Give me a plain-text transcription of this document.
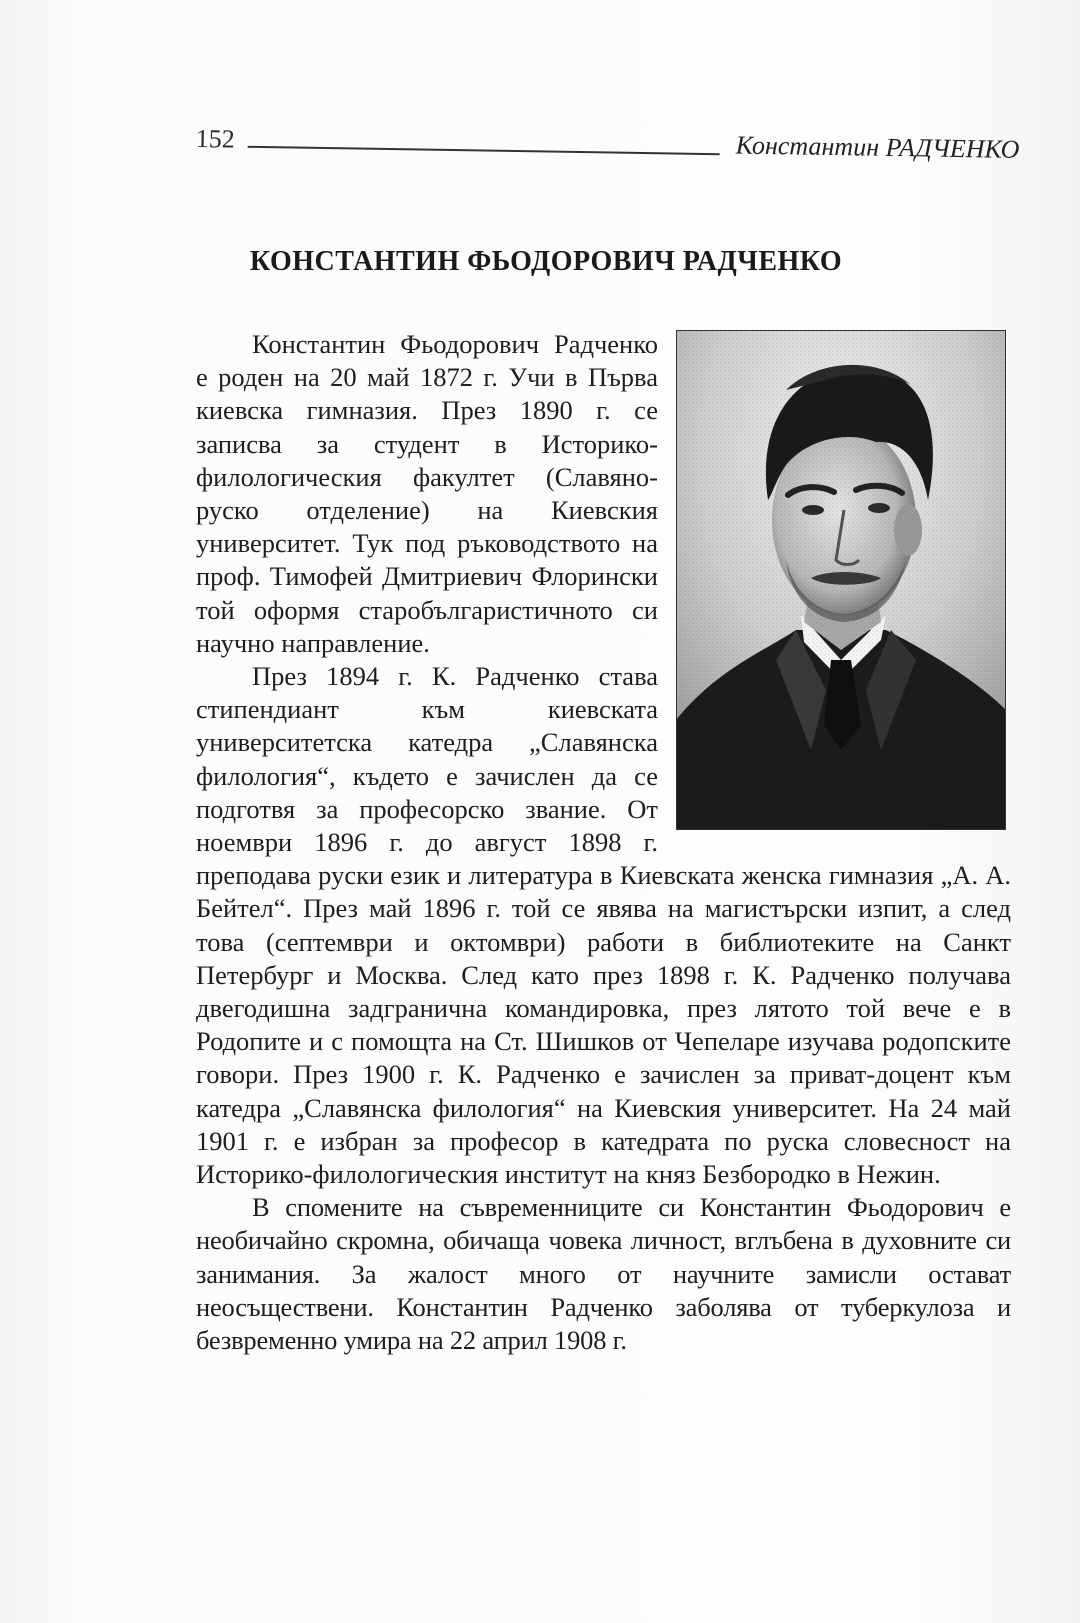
152	Константин РАДЧЕНКО
КОНСТАНТИН ФЬОДОРОВИЧ РАДЧЕНКО

Константин Фьодорович Радченко е роден на 20 май 1872 г. Учи в Първа киевска гимназия. През 1890 г. се записва за студент в Историко-филологическия факултет (Славяно-руско отделение) на Киевския университет. Тук под ръководството на проф. Тимофей Дмитриевич Флорински той оформя старобългаристичното си научно направление.

През 1894 г. К. Радченко става стипендиант към киевската университетска катедра „Славянска филология“, където е зачислен да се подготвя за професорско звание. От ноември 1896 г. до август 1898 г. преподава руски език и литература в Киевската женска гимназия „А. А. Бейтел“. През май 1896 г. той се явява на магистърски изпит, а след това (септември и октомври) работи в библиотеките на Санкт Петербург и Москва. След като през 1898 г. К. Радченко получава двегодишна задгранична командировка, през лятото той вече е в Родопите и с помощта на Ст. Шишков от Чепеларе изучава родопските говори. През 1900 г. К. Радченко е зачислен за приват-доцент към катедра „Славянска филология“ на Киевския университет. На 24 май 1901 г. е избран за професор в катедрата по руска словесност на Историко-филологическия институт на княз Безбородко в Нежин.

В спомените на съвременниците си Константин Фьодорович е необичайно скромна, обичаща човека личност, вглъбена в духовните си занимания. За жалост много от научните замисли остават неосъществени. Константин Радченко заболява от туберкулоза и безвременно умира на 22 април 1908 г.
